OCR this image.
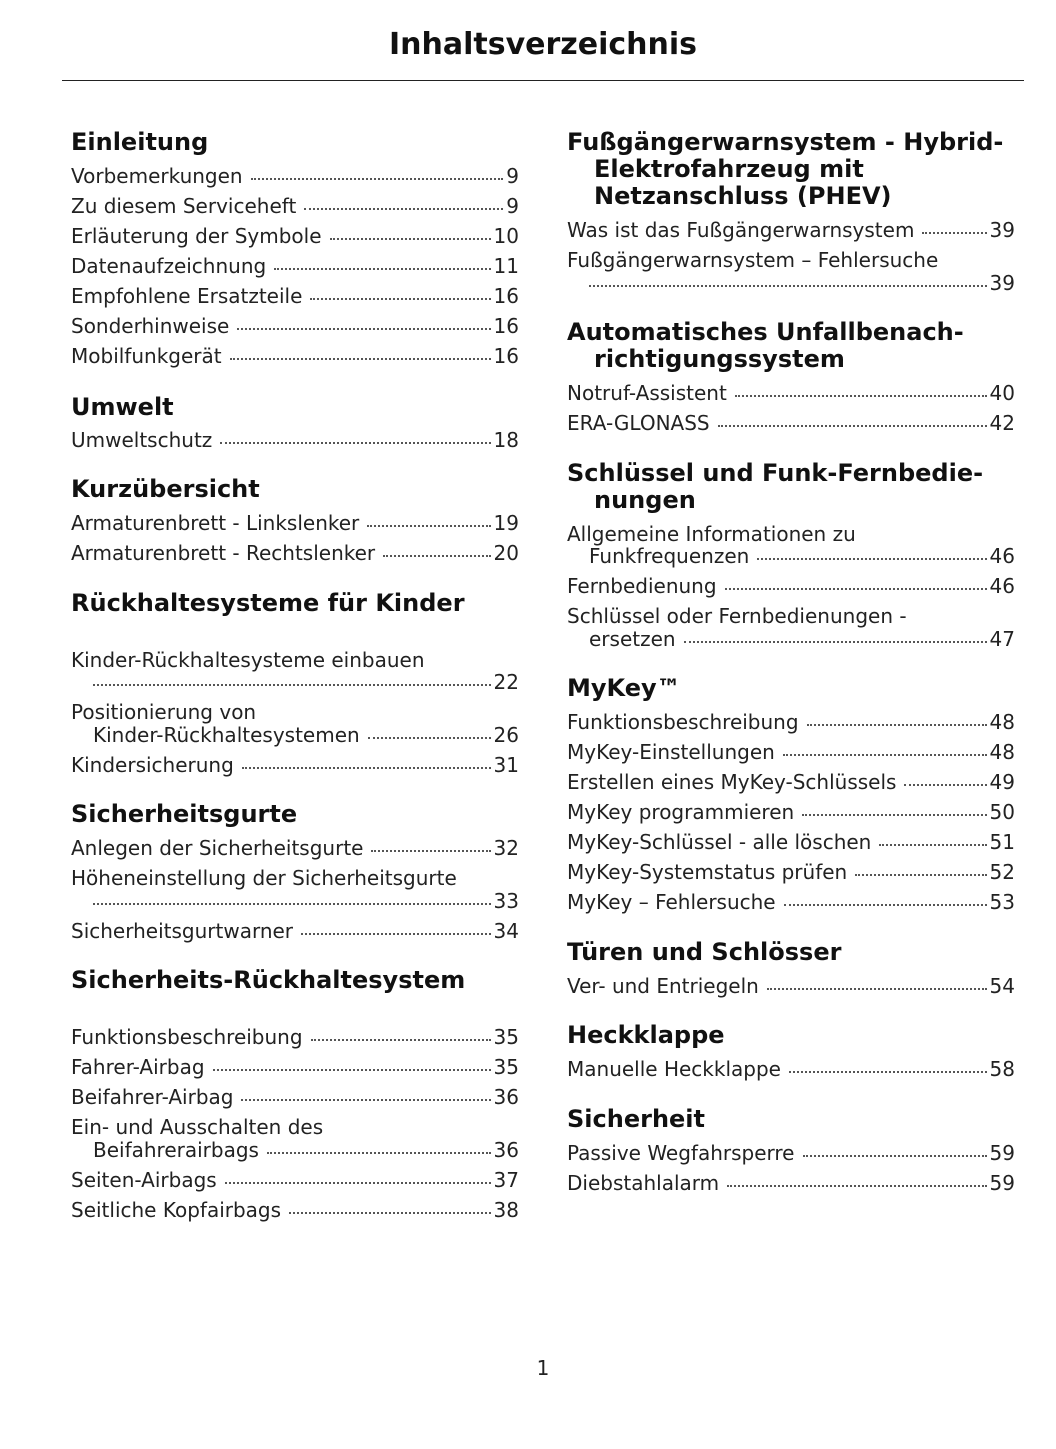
Inhaltsverzeichnis
Einleitung
Vorbemerkungen	9
Zu diesem Serviceheft	9
Erläuterung der Symbole	10
Datenaufzeichnung	11
Empfohlene Ersatzteile	16
Sonderhinweise	16
Mobilfunkgerät	16
Umwelt
Umweltschutz	18
Kurzübersicht
Armaturenbrett - Linkslenker	19
Armaturenbrett - Rechtslenker	20
Rückhaltesysteme für Kinder
Kinder-Rückhaltesysteme einbauen
22
Positionierung von
Kinder-Rückhaltesystemen	26
Kindersicherung	31
Sicherheitsgurte
Anlegen der Sicherheitsgurte	32
Höheneinstellung der Sicherheitsgurte
33
Sicherheitsgurtwarner	34
Sicherheits-Rückhaltesystem
Funktionsbeschreibung	35
Fahrer-Airbag	35
Beifahrer-Airbag	36
Ein- und Ausschalten des
Beifahrerairbags	36
Seiten-Airbags	37
Seitliche Kopfairbags	38
Fußgängerwarnsystem - Hybrid-Elektrofahrzeug mit Netzanschluss (PHEV)
Was ist das Fußgängerwarnsystem	39
Fußgängerwarnsystem – Fehlersuche
39
Automatisches Unfallbenach-richtigungssystem
Notruf-Assistent	40
ERA-GLONASS	42
Schlüssel und Funk-Fernbedie-nungen
Allgemeine Informationen zu
Funkfrequenzen	46
Fernbedienung	46
Schlüssel oder Fernbedienungen -
ersetzen	47
MyKey™
Funktionsbeschreibung	48
MyKey-Einstellungen	48
Erstellen eines MyKey-Schlüssels	49
MyKey programmieren	50
MyKey-Schlüssel - alle löschen	51
MyKey-Systemstatus prüfen	52
MyKey – Fehlersuche	53
Türen und Schlösser
Ver- und Entriegeln	54
Heckklappe
Manuelle Heckklappe	58
Sicherheit
Passive Wegfahrsperre	59
Diebstahlalarm	59
1
